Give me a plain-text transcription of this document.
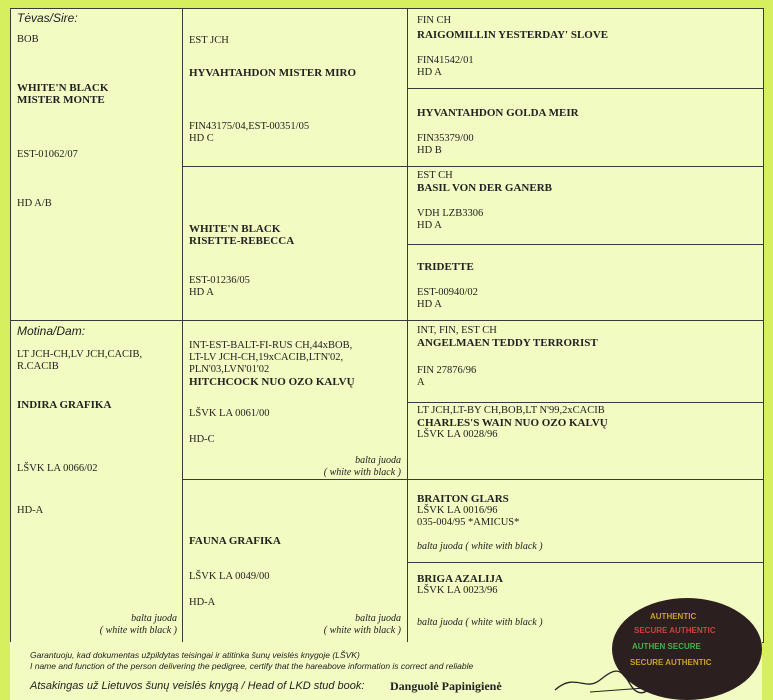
Tėvas/Sire:
BOB
WHITE'N BLACK
MISTER MONTE
EST-01062/07
HD A/B
EST JCH
HYVAHTAHDON MISTER MIRO
FIN43175/04,EST-00351/05
HD C
FIN CH
RAIGOMILLIN YESTERDAY' SLOVE
FIN41542/01
HD A
HYVANTAHDON GOLDA MEIR
FIN35379/00
HD B
WHITE'N BLACK
RISETTE-REBECCA
EST-01236/05
HD A
EST CH
BASIL VON DER GANERB
VDH LZB3306
HD A
TRIDETTE
EST-00940/02
HD A
Motina/Dam:
LT JCH-CH,LV JCH,CACIB,
R.CACIB
INDIRA GRAFIKA
LŠVK LA 0066/02
HD-A
balta juoda
( white with black )
INT-EST-BALT-FI-RUS CH,44xBOB,
LT-LV JCH-CH,19xCACIB,LTN'02,
PLN'03,LVN'01'02
HITCHCOCK NUO OZO KALVŲ
LŠVK LA 0061/00
HD-C
balta juoda
( white with black )
INT, FIN, EST CH
ANGELMAEN TEDDY TERRORIST
FIN 27876/96
A
LT JCH,LT-BY CH,BOB,LT N'99,2xCACIB
CHARLES'S WAIN NUO OZO KALVŲ
LŠVK LA 0028/96
FAUNA GRAFIKA
LŠVK LA 0049/00
HD-A
balta juoda
( white with black )
BRAITON GLARS
LŠVK LA 0016/96
035-004/95 *AMICUS*
balta juoda ( white with black )
BRIGA AZALIJA
LŠVK LA 0023/96
balta juoda ( white with black )
Garantuoju, kad dokumentas užpildytas teisingai ir atitinka šunų veislės knygoje (LŠVK)
I name and function of the person delivering the pedigree, certify that the hareabove information is correct and reliable
Atsakingas už Lietuvos šunų veislės knygą / Head of LKD stud book: Danguolė Papinigienė
AUTHENTIC
SECURE AUTHENTIC
AUTHEN SECURE
SECURE AUTHENTIC
